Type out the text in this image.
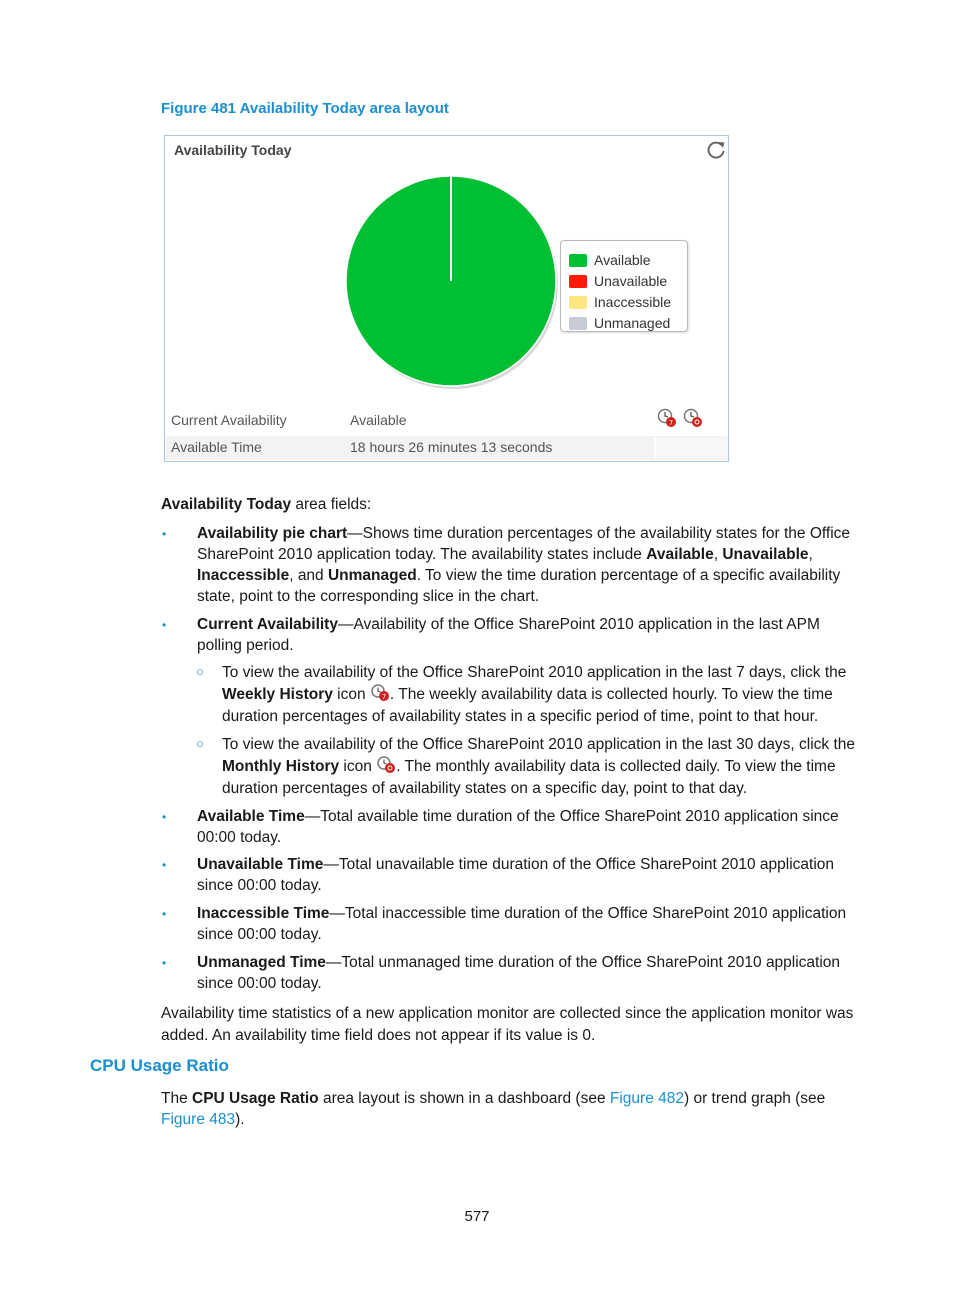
Figure 481 Availability Today area layout
Availability Today
Available
Unavailable
Inaccessible
Unmanaged
7
Current Availability	Available
Available Time	18 hours 26 minutes 13 seconds
Availability Today area fields:
• Availability pie chart—Shows time duration percentages of the availability states for the Office SharePoint 2010 application today. The availability states include Available, Unavailable, Inaccessible, and Unmanaged. To view the time duration percentage of a specific availability state, point to the corresponding slice in the chart.
• Current Availability—Availability of the Office SharePoint 2010 application in the last APM polling period.
○ To view the availability of the Office SharePoint 2010 application in the last 7 days, click the Weekly History icon 7 . The weekly availability data is collected hourly. To view the time duration percentages of availability states in a specific period of time, point to that hour.
○ To view the availability of the Office SharePoint 2010 application in the last 30 days, click the Monthly History icon . The monthly availability data is collected daily. To view the time duration percentages of availability states on a specific day, point to that day.
• Available Time—Total available time duration of the Office SharePoint 2010 application since 00:00 today.
• Unavailable Time—Total unavailable time duration of the Office SharePoint 2010 application since 00:00 today.
• Inaccessible Time—Total inaccessible time duration of the Office SharePoint 2010 application since 00:00 today.
• Unmanaged Time—Total unmanaged time duration of the Office SharePoint 2010 application since 00:00 today.
Availability time statistics of a new application monitor are collected since the application monitor was added. An availability time field does not appear if its value is 0.
CPU Usage Ratio
The CPU Usage Ratio area layout is shown in a dashboard (see Figure 482) or trend graph (see Figure 483).
577
